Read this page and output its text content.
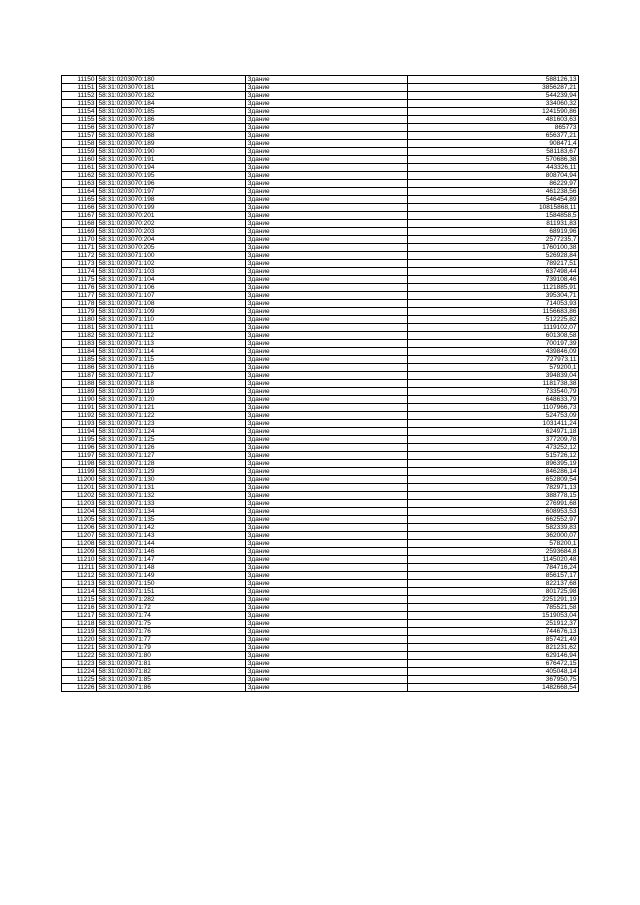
11150	58:31:0203070:180	Здание	588126,13
11151	58:31:0203070:181	Здание	3856287,21
11152	58:31:0203070:182	Здание	544239,94
11153	58:31:0203070:184	Здание	334060,32
11154	58:31:0203070:185	Здание	1241590,86
11155	58:31:0203070:186	Здание	481603,63
11156	58:31:0203070:187	Здание	865773
11157	58:31:0203070:188	Здание	656377,21
11158	58:31:0203070:189	Здание	908471,4
11159	58:31:0203070:190	Здание	581183,67
11160	58:31:0203070:191	Здание	570686,38
11161	58:31:0203070:194	Здание	443326,11
11162	58:31:0203070:195	Здание	808704,94
11163	58:31:0203070:196	Здание	86229,97
11164	58:31:0203070:197	Здание	461238,56
11165	58:31:0203070:198	Здание	546454,89
11166	58:31:0203070:199	Здание	10815868,11
11167	58:31:0203070:201	Здание	1584858,5
11168	58:31:0203070:202	Здание	811931,83
11169	58:31:0203070:203	Здание	68919,96
11170	58:31:0203070:204	Здание	2577235,7
11171	58:31:0203070:205	Здание	1760100,38
11172	58:31:0203071:100	Здание	526928,84
11173	58:31:0203071:102	Здание	789217,51
11174	58:31:0203071:103	Здание	637498,44
11175	58:31:0203071:104	Здание	739108,46
11176	58:31:0203071:106	Здание	1121885,91
11177	58:31:0203071:107	Здание	395304,71
11178	58:31:0203071:108	Здание	714053,93
11179	58:31:0203071:109	Здание	1156683,86
11180	58:31:0203071:110	Здание	512225,82
11181	58:31:0203071:111	Здание	1119102,07
11182	58:31:0203071:112	Здание	601308,58
11183	58:31:0203071:113	Здание	700197,39
11184	58:31:0203071:114	Здание	439846,09
11185	58:31:0203071:115	Здание	727973,11
11186	58:31:0203071:116	Здание	579200,1
11187	58:31:0203071:117	Здание	394839,04
11188	58:31:0203071:118	Здание	1181738,38
11189	58:31:0203071:119	Здание	733540,79
11190	58:31:0203071:120	Здание	648633,79
11191	58:31:0203071:121	Здание	1107966,73
11192	58:31:0203071:122	Здание	524753,09
11193	58:31:0203071:123	Здание	1031411,24
11194	58:31:0203071:124	Здание	624971,18
11195	58:31:0203071:125	Здание	377209,78
11196	58:31:0203071:126	Здание	473252,12
11197	58:31:0203071:127	Здание	515726,12
11198	58:31:0203071:128	Здание	896395,19
11199	58:31:0203071:129	Здание	846286,14
11200	58:31:0203071:130	Здание	652809,54
11201	58:31:0203071:131	Здание	782971,13
11202	58:31:0203071:132	Здание	388778,15
11203	58:31:0203071:133	Здание	276991,68
11204	58:31:0203071:134	Здание	608953,53
11205	58:31:0203071:135	Здание	662552,97
11206	58:31:0203071:142	Здание	582339,83
11207	58:31:0203071:143	Здание	362000,07
11208	58:31:0203071:144	Здание	578200,1
11209	58:31:0203071:146	Здание	2593684,8
11210	58:31:0203071:147	Здание	1145020,48
11211	58:31:0203071:148	Здание	784716,24
11212	58:31:0203071:149	Здание	856157,17
11213	58:31:0203071:150	Здание	822137,68
11214	58:31:0203071:151	Здание	801725,98
11215	58:31:0203071:282	Здание	2251291,19
11216	58:31:0203071:72	Здание	785521,58
11217	58:31:0203071:74	Здание	1519053,04
11218	58:31:0203071:75	Здание	251912,37
11219	58:31:0203071:76	Здание	744676,13
11220	58:31:0203071:77	Здание	857421,49
11221	58:31:0203071:79	Здание	821231,62
11222	58:31:0203071:80	Здание	629146,94
11223	58:31:0203071:81	Здание	676472,15
11224	58:31:0203071:82	Здание	405048,14
11225	58:31:0203071:85	Здание	367950,75
11226	58:31:0203071:86	Здание	1482668,54
